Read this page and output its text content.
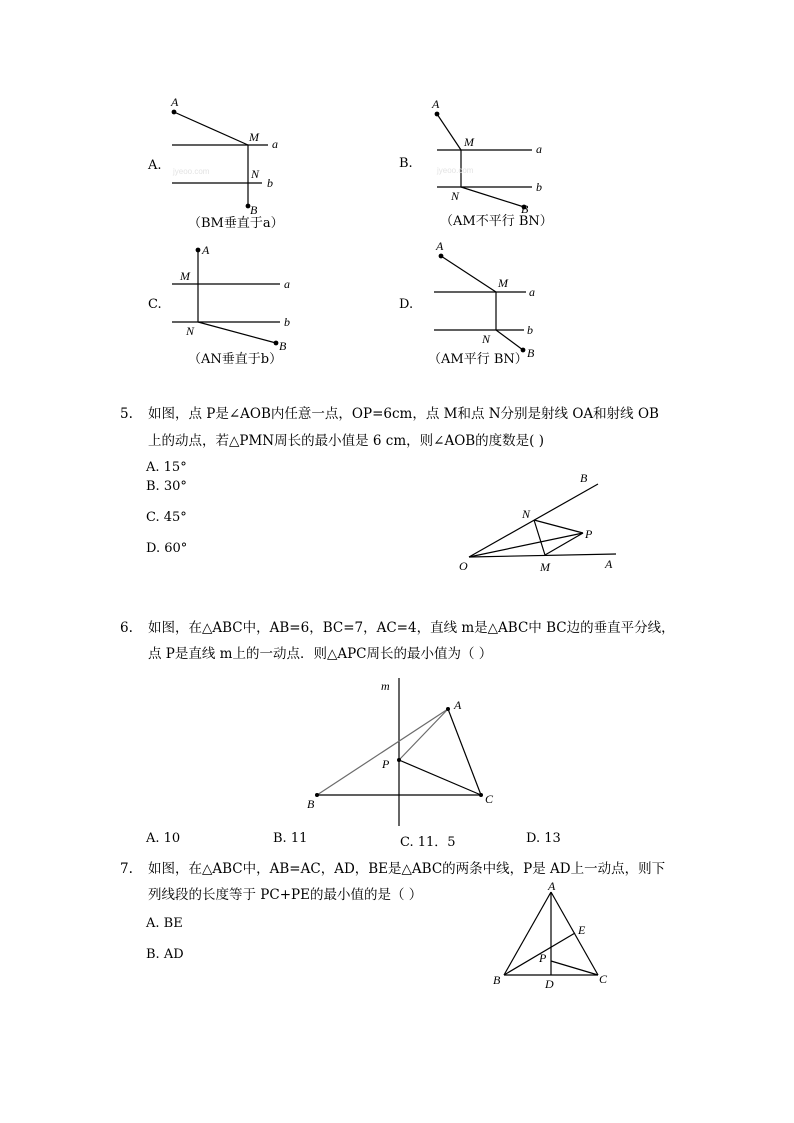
A
M a
N
b
B
A
M	a
N
b
B
A
M
a
N
b
B
A
M
a
N
b
B
jyeoo.com	jyeoo.com
A.	B.
C.	D.
（BM垂直于a）	（AM不平行 BN）
（AN垂直于b）	（AM平行 BN）
5. 如图，点 P是∠AOB内任意一点，OP=6cm，点 M和点 N分别是射线 OA和射线 OB
上的动点，若△PMN周长的最小值是 6 cm，则∠AOB的度数是( )
A. 15°
B. 30°
C. 45°
D. 60°
B
N
P
O	M	A
6. 如图，在△ABC中，AB=6，BC=7，AC=4，直线 m是△ABC中 BC边的垂直平分线，
点 P是直线 m上的一动点．则△APC周长的最小值为（ ）
m
A
P
B	C
A. 10	B. 11	C. 11．5	D. 13
7. 如图，在△ABC中，AB=AC，AD，BE是△ABC的两条中线，P是 AD上一动点，则下
列线段的长度等于 PC+PE的最小值的是（ ）
A. BE
B. AD
A
E
P
B	D	C
